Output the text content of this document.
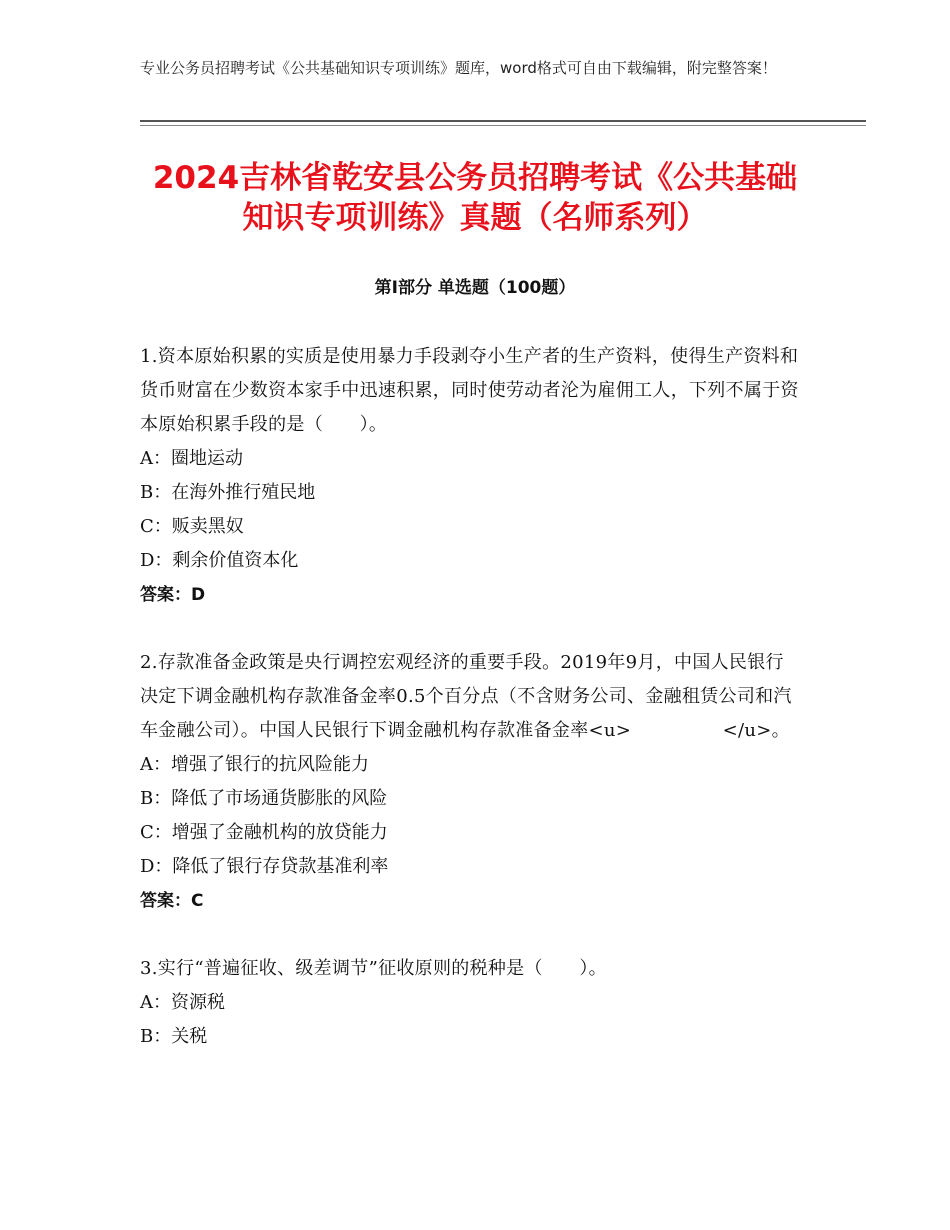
专业公务员招聘考试《公共基础知识专项训练》题库，word格式可自由下载编辑，附完整答案！
2024吉林省乾安县公务员招聘考试《公共基础知识专项训练》真题（名师系列）
第Ⅰ部分 单选题（100题）
1.资本原始积累的实质是使用暴力手段剥夺小生产者的生产资料，使得生产资料和货币财富在少数资本家手中迅速积累，同时使劳动者沦为雇佣工人，下列不属于资本原始积累手段的是（　　）。
A：圈地运动
B：在海外推行殖民地
C：贩卖黑奴
D：剩余价值资本化
答案：D
2.存款准备金政策是央行调控宏观经济的重要手段。2019年9月，中国人民银行决定下调金融机构存款准备金率0.5个百分点（不含财务公司、金融租赁公司和汽车金融公司）。中国人民银行下调金融机构存款准备金率<u>　　　　　</u>。
A：增强了银行的抗风险能力
B：降低了市场通货膨胀的风险
C：增强了金融机构的放贷能力
D：降低了银行存贷款基准利率
答案：C
3.实行“普遍征收、级差调节”征收原则的税种是（　　）。
A：资源税
B：关税
